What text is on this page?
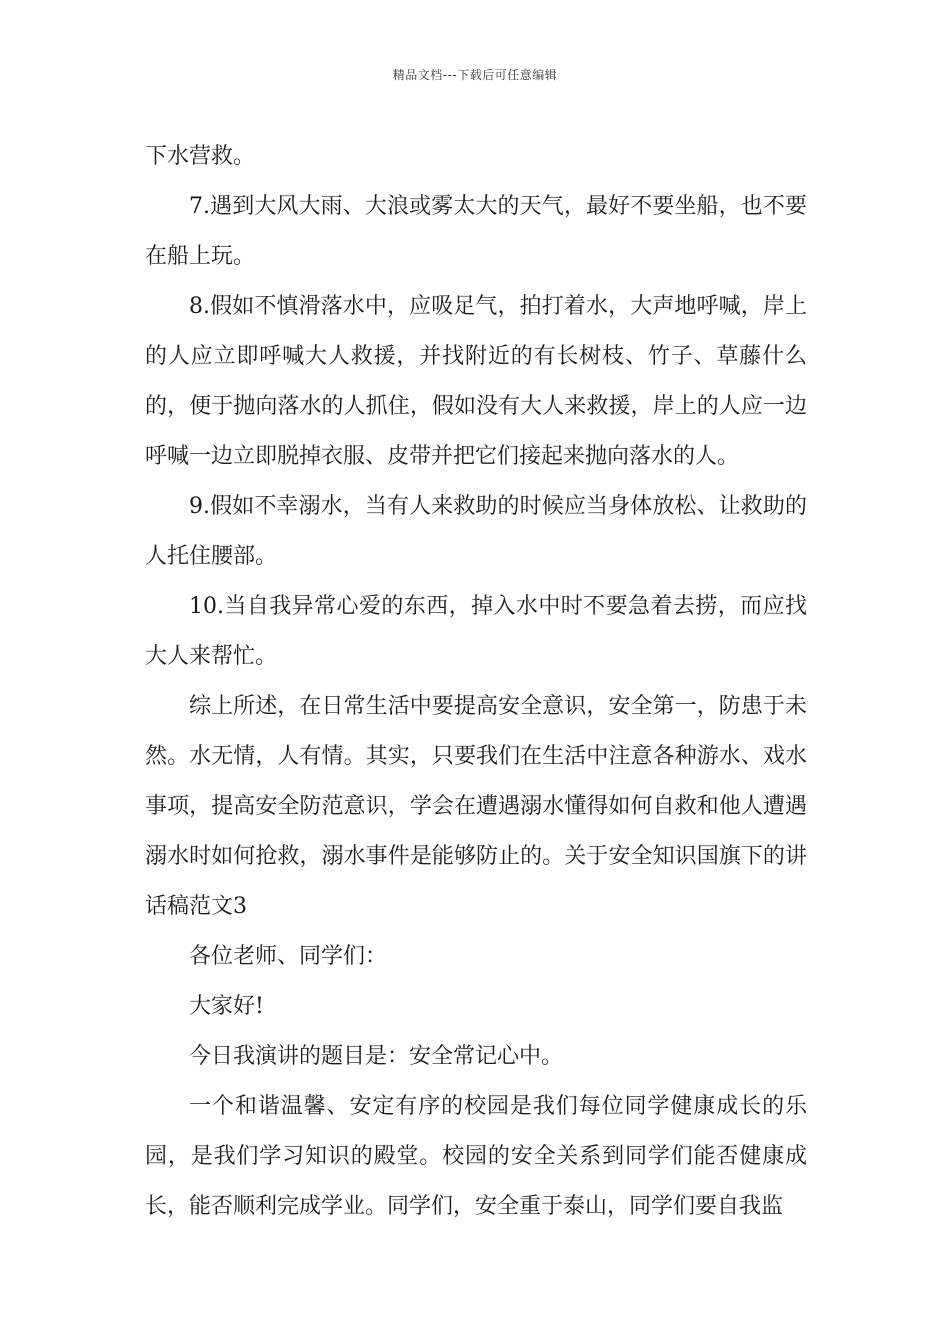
精品文档---下载后可任意编辑

下水营救。

7.遇到大风大雨、大浪或雾太大的天气，最好不要坐船，也不要在船上玩。

8.假如不慎滑落水中，应吸足气，拍打着水，大声地呼喊，岸上的人应立即呼喊大人救援，并找附近的有长树枝、竹子、草藤什么的，便于抛向落水的人抓住，假如没有大人来救援，岸上的人应一边呼喊一边立即脱掉衣服、皮带并把它们接起来抛向落水的人。

9.假如不幸溺水，当有人来救助的时候应当身体放松、让救助的人托住腰部。

10.当自我异常心爱的东西，掉入水中时不要急着去捞，而应找大人来帮忙。

综上所述，在日常生活中要提高安全意识，安全第一，防患于未然。水无情，人有情。其实，只要我们在生活中注意各种游水、戏水事项，提高安全防范意识，学会在遭遇溺水懂得如何自救和他人遭遇溺水时如何抢救，溺水事件是能够防止的。关于安全知识国旗下的讲话稿范文3

各位老师、同学们：

大家好!

今日我演讲的题目是：安全常记心中。

一个和谐温馨、安定有序的校园是我们每位同学健康成长的乐园，是我们学习知识的殿堂。校园的安全关系到同学们能否健康成长，能否顺利完成学业。同学们，安全重于泰山，同学们要自我监
